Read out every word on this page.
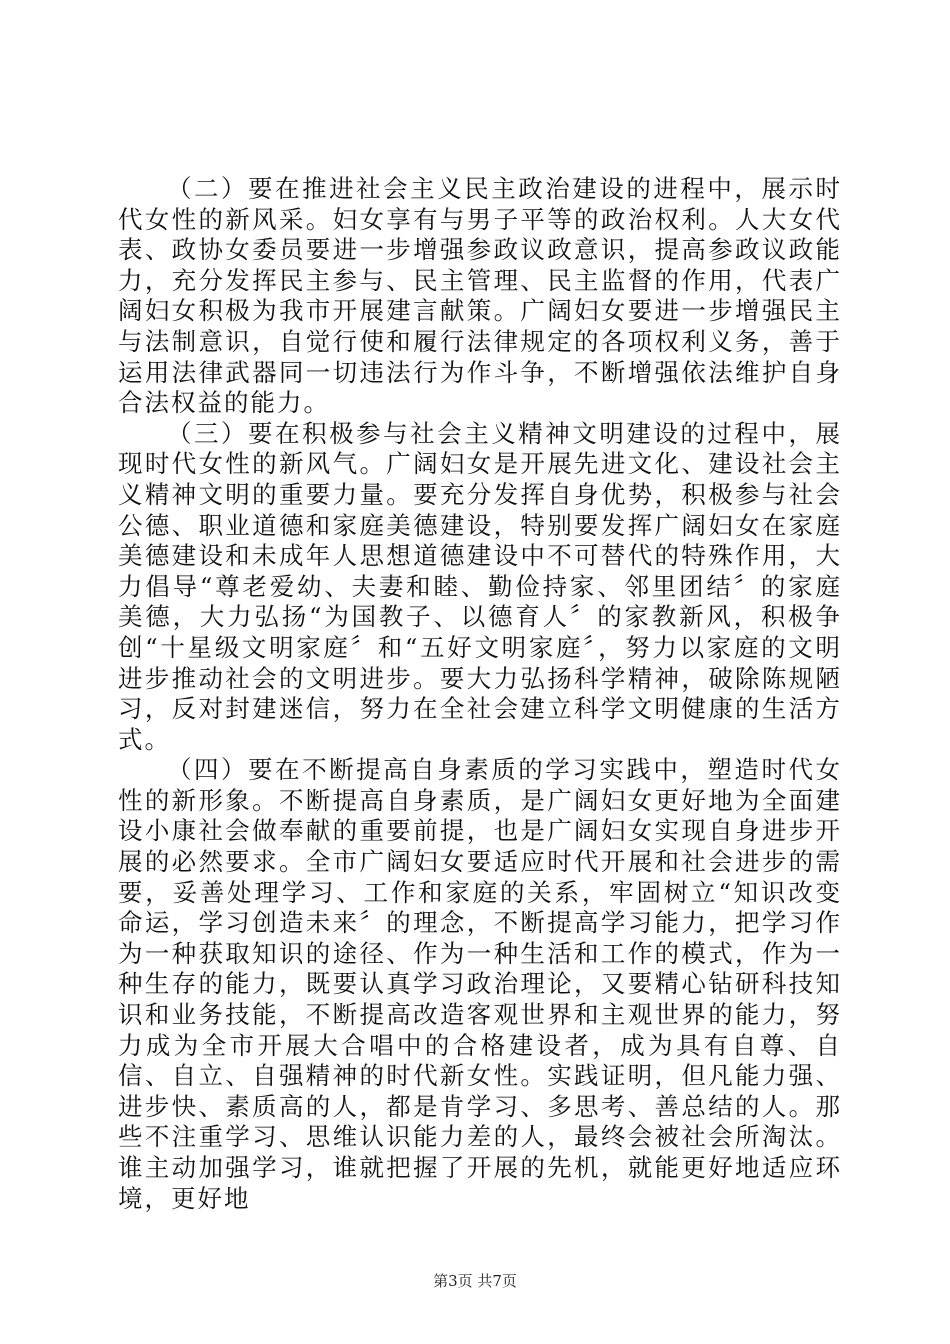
（二）要在推进社会主义民主政治建设的进程中，展示时代女性的新风采。妇女享有与男子平等的政治权利。人大女代表、政协女委员要进一步增强参政议政意识，提高参政议政能力，充分发挥民主参与、民主管理、民主监督的作用，代表广阔妇女积极为我市开展建言献策。广阔妇女要进一步增强民主与法制意识，自觉行使和履行法律规定的各项权利义务，善于运用法律武器同一切违法行为作斗争，不断增强依法维护自身合法权益的能力。

（三）要在积极参与社会主义精神文明建设的过程中，展现时代女性的新风气。广阔妇女是开展先进文化、建设社会主义精神文明的重要力量。要充分发挥自身优势，积极参与社会公德、职业道德和家庭美德建设，特别要发挥广阔妇女在家庭美德建设和未成年人思想道德建设中不可替代的特殊作用，大力倡导“尊老爱幼、夫妻和睦、勤俭持家、邻里团结〞的家庭美德，大力弘扬“为国教子、以德育人〞的家教新风，积极争创“十星级文明家庭〞和“五好文明家庭〞，努力以家庭的文明进步推动社会的文明进步。要大力弘扬科学精神，破除陈规陋习，反对封建迷信，努力在全社会建立科学文明健康的生活方式。

（四）要在不断提高自身素质的学习实践中，塑造时代女性的新形象。不断提高自身素质，是广阔妇女更好地为全面建设小康社会做奉献的重要前提，也是广阔妇女实现自身进步开展的必然要求。全市广阔妇女要适应时代开展和社会进步的需要，妥善处理学习、工作和家庭的关系，牢固树立“知识改变命运，学习创造未来〞的理念，不断提高学习能力，把学习作为一种获取知识的途径、作为一种生活和工作的模式，作为一种生存的能力，既要认真学习政治理论，又要精心钻研科技知识和业务技能，不断提高改造客观世界和主观世界的能力，努力成为全市开展大合唱中的合格建设者，成为具有自尊、自信、自立、自强精神的时代新女性。实践证明，但凡能力强、进步快、素质高的人，都是肯学习、多思考、善总结的人。那些不注重学习、思维认识能力差的人，最终会被社会所淘汰。谁主动加强学习，谁就把握了开展的先机，就能更好地适应环境，更好地

第3页 共7页
